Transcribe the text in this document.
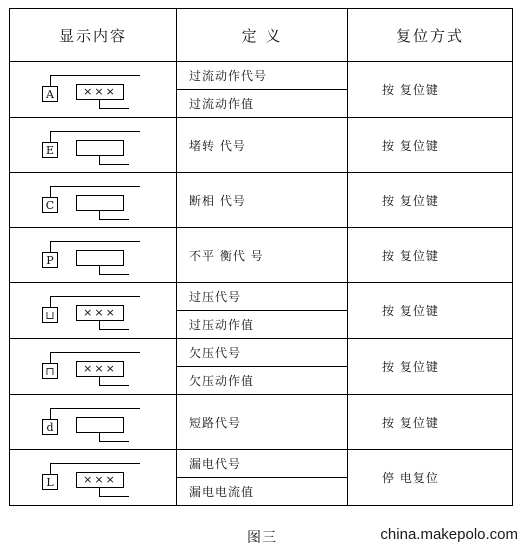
显示内容	定 义	复位方式

A ×××	过流动作代号	按 复位键
	过流动作值	

E	堵转 代号	按 复位键

C	断相 代号	按 复位键

P	不平 衡代 号	按 复位键

⊔ ×××	过压代号	按 复位键
	过压动作值	

⊓ ×××	欠压代号	按 复位键
	欠压动作值	

d	短路代号	按 复位键

L ×××	漏电代号	停 电复位
	漏电电流值	
图三	china.makepolo.com
